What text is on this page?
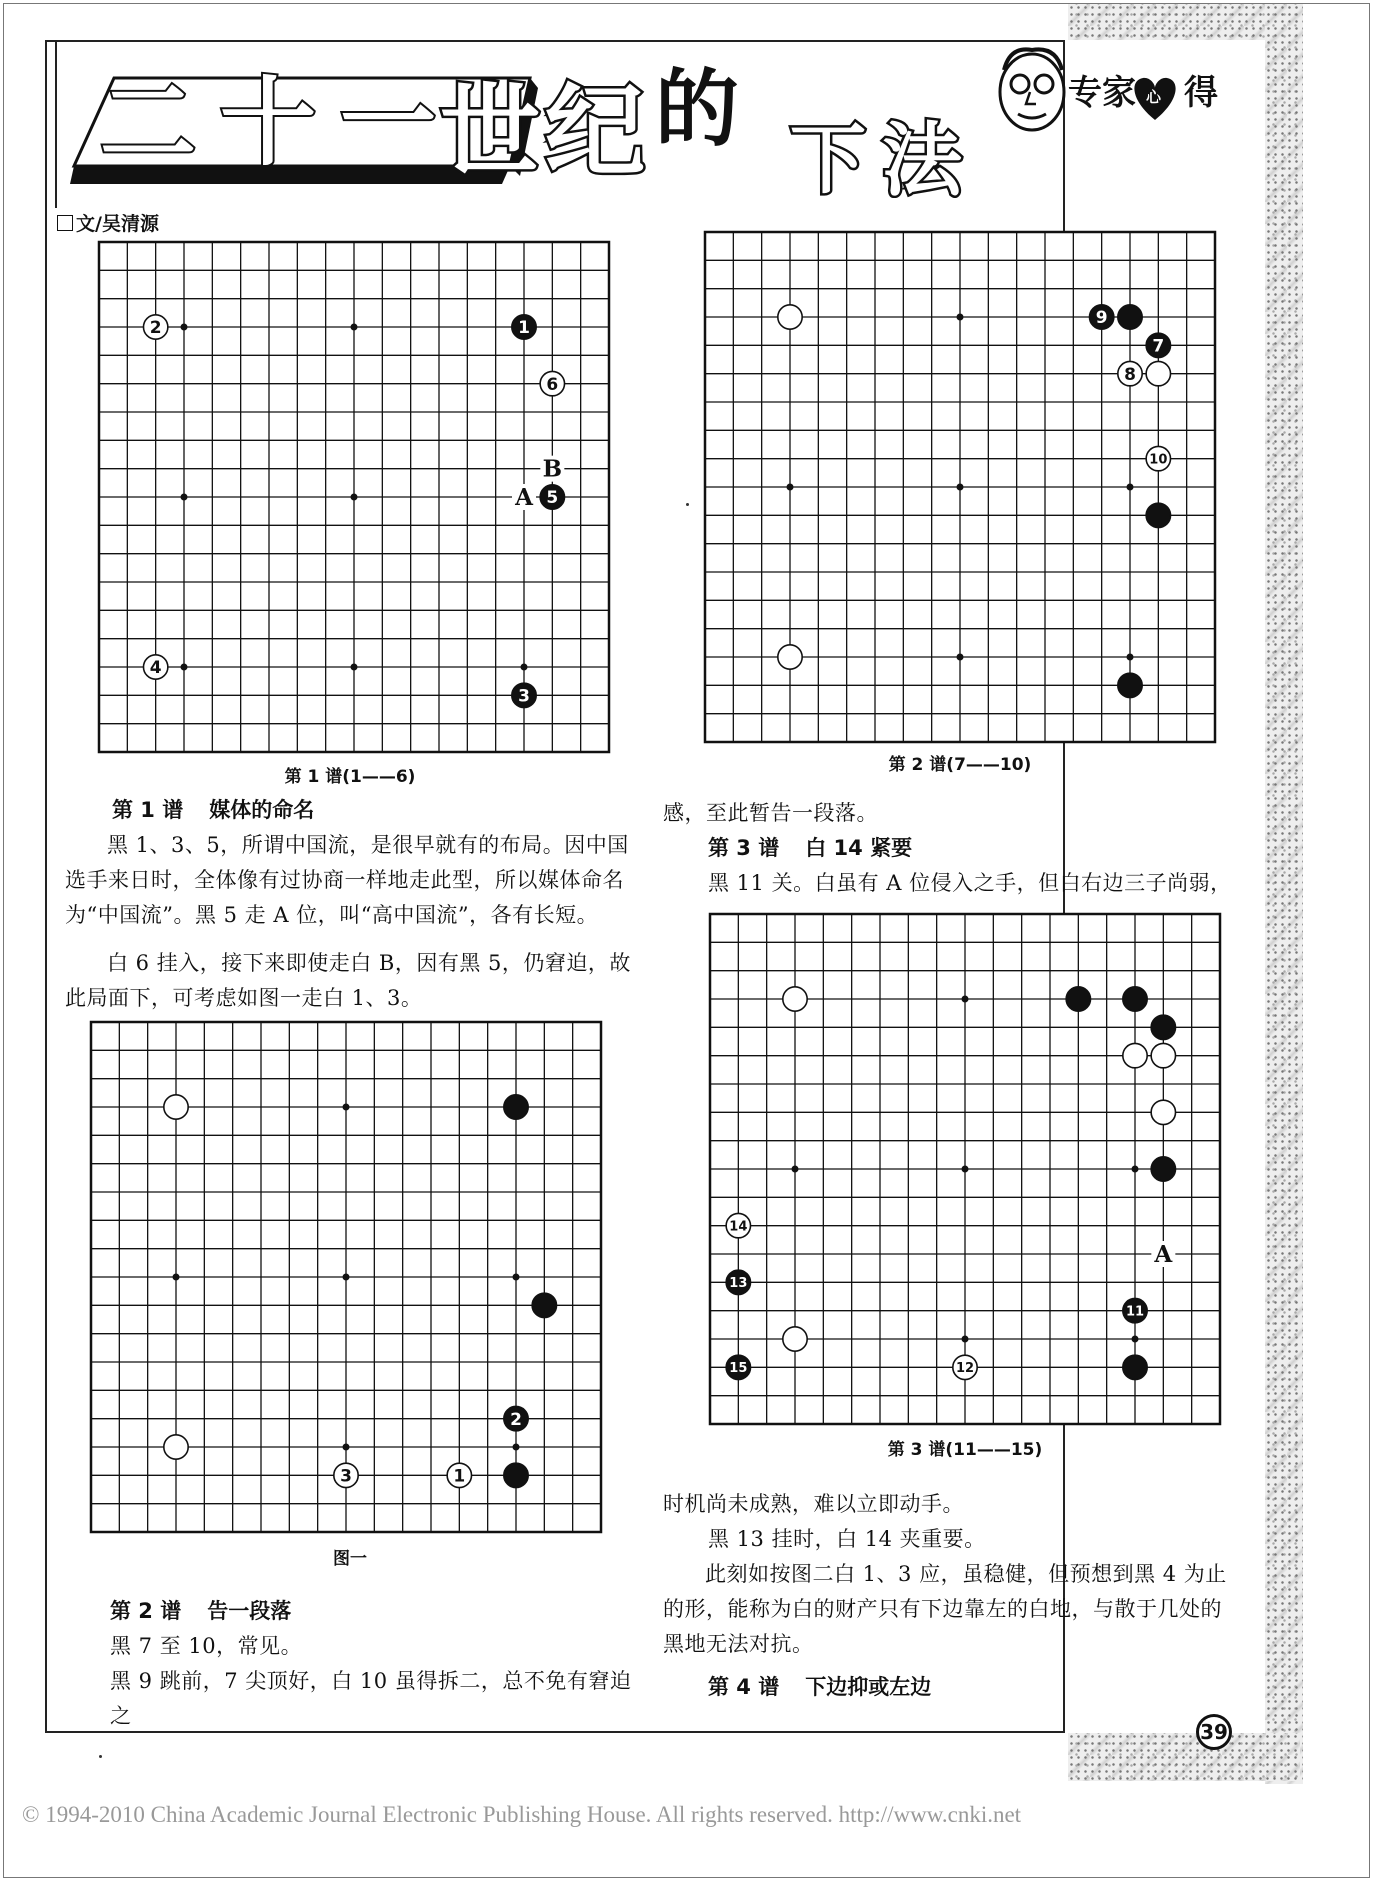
二 十 一 世 纪 的
下 法
专家 心 得
文/吴清源
B
A
2	1
6
5
4
3
第 1 谱(1——6)
2
3	1
图一
9
7
8
10
第 2 谱(7——10)
A
14
13
11
15	12
第 3 谱(11——15)
第 1 谱 媒体的命名

黑 1、3、5，所谓中国流，是很早就有的布局。因中国选手来日时，全体像有过协商一样地走此型，所以媒体命名为“中国流”。黑 5 走 A 位，叫“高中国流”，各有长短。

白 6 挂入，接下来即使走白 B，因有黑 5，仍窘迫，故此局面下，可考虑如图一走白 1、3。

第 2 谱 告一段落

黑 7 至 10，常见。

黑 9 跳前，7 尖顶好，白 10 虽得拆二，总不免有窘迫之

感，至此暂告一段落。

第 3 谱 白 14 紧要

黑 11 关。白虽有 A 位侵入之手，但白右边三子尚弱，

时机尚未成熟，难以立即动手。

黑 13 挂时，白 14 夹重要。

此刻如按图二白 1、3 应，虽稳健，但预想到黑 4 为止的形，能称为白的财产只有下边靠左的白地，与散于几处的黑地无法对抗。

第 4 谱 下边抑或左边
39
© 1994-2010 China Academic Journal Electronic Publishing House. All rights reserved. http://www.cnki.net
